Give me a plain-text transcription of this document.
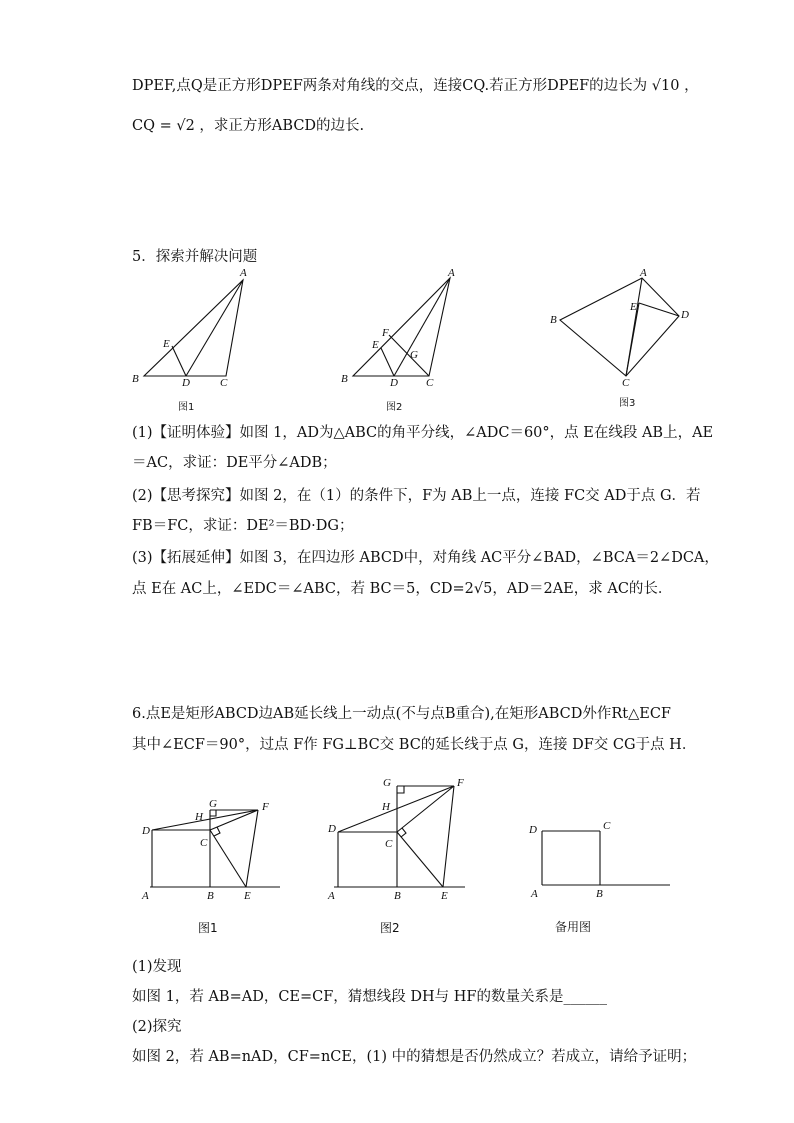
DPEF,点Q是正方形DPEF两条对角线的交点，连接CQ.若正方形DPEF的边长为 √10 ，
CQ = √2 ，求正方形ABCD的边长.
5．探索并解决问题
A
E
B	D	C
图1
A
F
E
G
B	D	C
图2
A
E
D
B
C
图3
(1)【证明体验】如图 1，AD为△ABC的角平分线，∠ADC＝60°，点 E在线段 AB上，AE
＝AC，求证：DE平分∠ADB；
(2)【思考探究】如图 2，在（1）的条件下，F为 AB上一点，连接 FC交 AD于点 G．若
FB＝FC，求证：DE²＝BD·DG；
(3)【拓展延伸】如图 3，在四边形 ABCD中，对角线 AC平分∠BAD，∠BCA＝2∠DCA，
点 E在 AC上，∠EDC＝∠ABC，若 BC＝5，CD=2√5，AD＝2AE，求 AC的长．
6.点E是矩形ABCD边AB延长线上一动点(不与点B重合),在矩形ABCD外作Rt△ECF
其中∠ECF＝90°，过点 F作 FG⊥BC交 BC的延长线于点 G，连接 DF交 CG于点 H．
G	F
H
D
C
A	B	E
图1
G	F
H
D
C
A	B	E
图2
D	C
A	B
备用图
(1)发现
如图 1，若 AB=AD，CE=CF，猜想线段 DH与 HF的数量关系是______
(2)探究
如图 2，若 AB=nAD，CF=nCE，(1) 中的猜想是否仍然成立？若成立，请给予证明；
